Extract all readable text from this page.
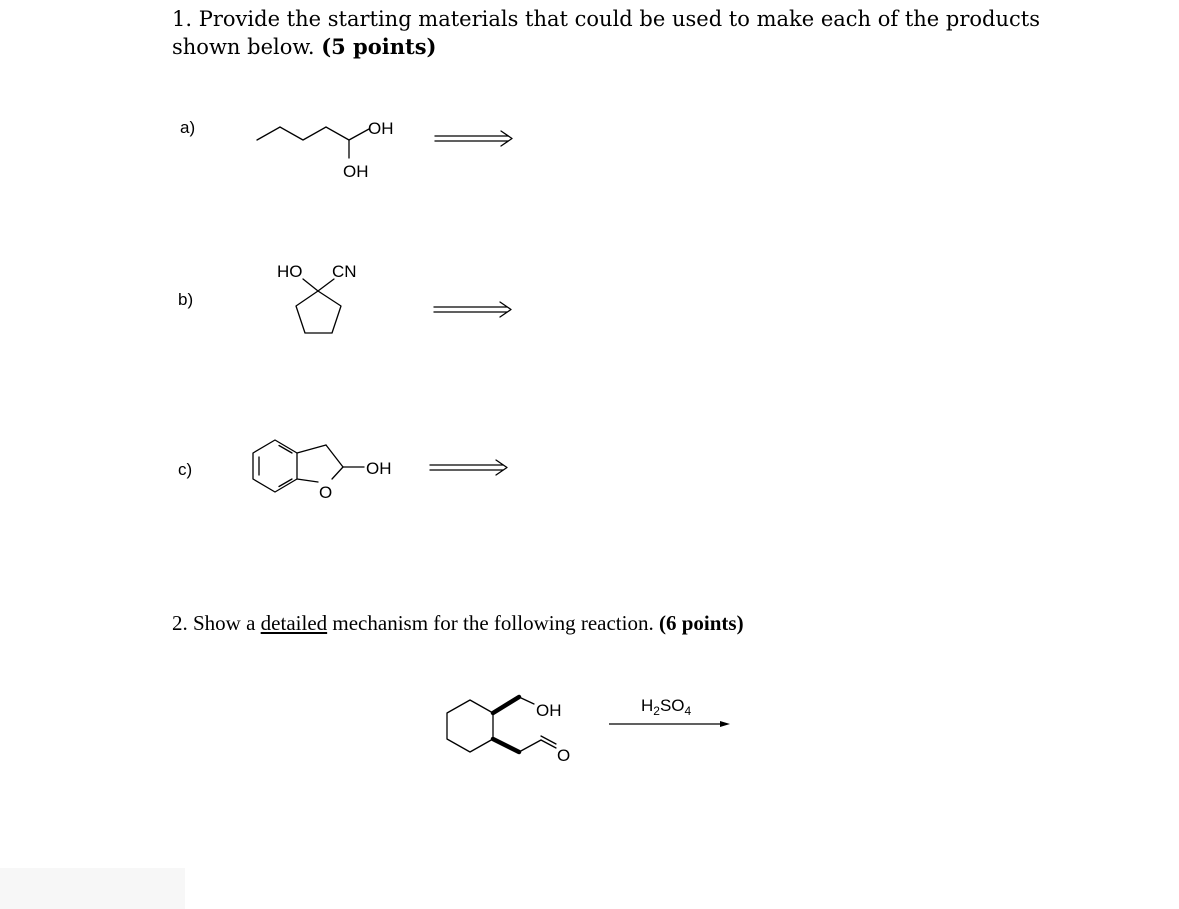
1. Provide the starting materials that could be used to make each of the products shown below. (5 points)
a)
b)
c)
OH
OH
HO CN
OH
O
OH
O
$H_2SO_4$
2. Show a detailed mechanism for the following reaction. (6 points)
